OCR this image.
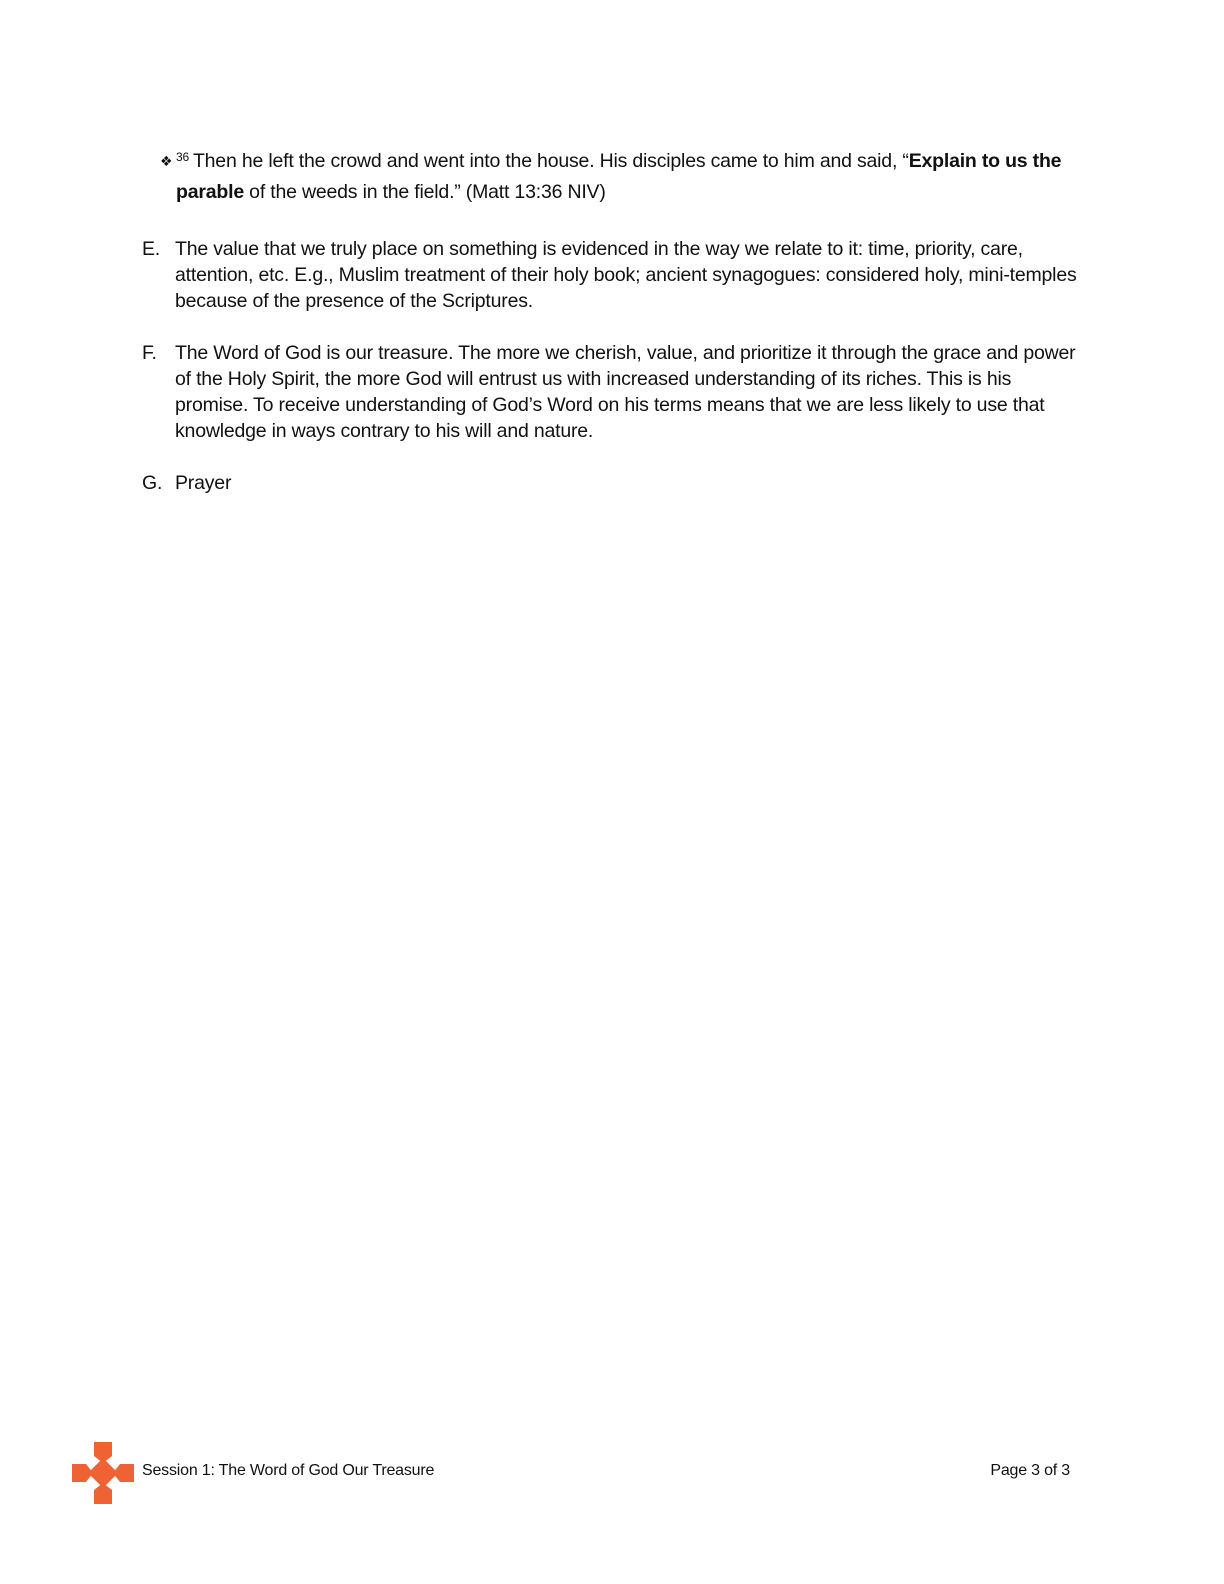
❖ $^{36}$ Then he left the crowd and went into the house. His disciples came to him and said, “Explain to us the parable of the weeds in the field.” (Matt 13:36 NIV)
E. The value that we truly place on something is evidenced in the way we relate to it: time, priority, care, attention, etc. E.g., Muslim treatment of their holy book; ancient synagogues: considered holy, mini-temples because of the presence of the Scriptures.
F. The Word of God is our treasure. The more we cherish, value, and prioritize it through the grace and power of the Holy Spirit, the more God will entrust us with increased understanding of its riches. This is his promise. To receive understanding of God’s Word on his terms means that we are less likely to use that knowledge in ways contrary to his will and nature.
G. Prayer
Session 1: The Word of God Our Treasure	Page 3 of 3
